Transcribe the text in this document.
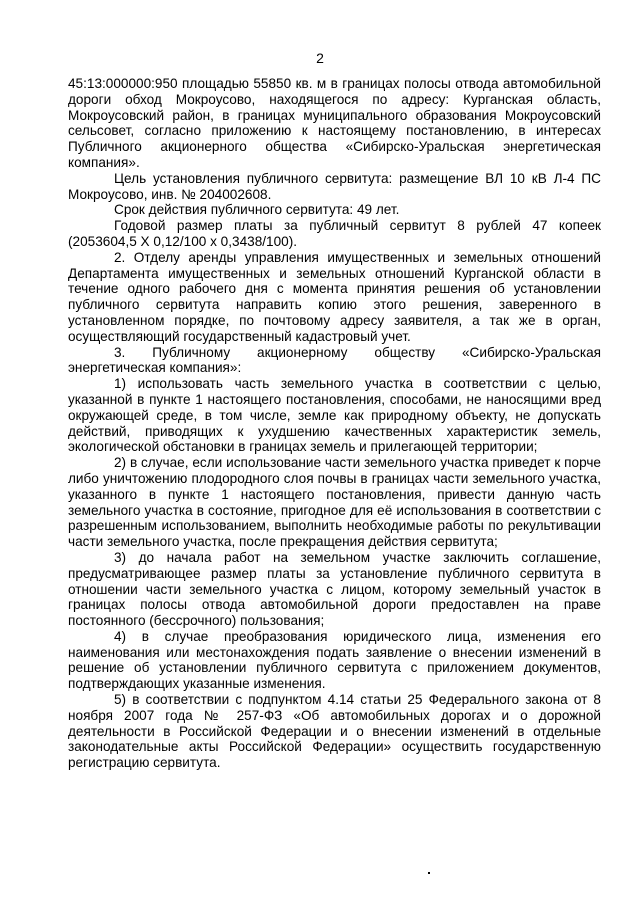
2

45:13:000000:950 площадью 55850 кв. м в границах полосы отвода автомобильной дороги обход Мокроусово, находящегося по адресу: Курганская область, Мокроусовский район, в границах муниципального образования Мокроусовский сельсовет, согласно приложению к настоящему постановлению, в интересах Публичного акционерного общества «Сибирско-Уральская энергетическая компания».

Цель установления публичного сервитута: размещение ВЛ 10 кВ Л-4 ПС Мокроусово, инв. № 204002608.

Срок действия публичного сервитута: 49 лет.

Годовой размер платы за публичный сервитут 8 рублей 47 копеек (2053604,5 Х 0,12/100 х 0,3438/100).

2. Отделу аренды управления имущественных и земельных отношений Департамента имущественных и земельных отношений Курганской области в течение одного рабочего дня с момента принятия решения об установлении публичного сервитута направить копию этого решения, заверенного в установленном порядке, по почтовому адресу заявителя, а так же в орган, осуществляющий государственный кадастровый учет.

3. Публичному акционерному обществу «Сибирско-Уральская энергетическая компания»:

1) использовать часть земельного участка в соответствии с целью, указанной в пункте 1 настоящего постановления, способами, не наносящими вред окружающей среде, в том числе, земле как природному объекту, не допускать действий, приводящих к ухудшению качественных характеристик земель, экологической обстановки в границах земель и прилегающей территории;

2) в случае, если использование части земельного участка приведет к порче либо уничтожению плодородного слоя почвы в границах части земельного участка, указанного в пункте 1 настоящего постановления, привести данную часть земельного участка в состояние, пригодное для её использования в соответствии с разрешенным использованием, выполнить необходимые работы по рекультивации части земельного участка, после прекращения действия сервитута;

3) до начала работ на земельном участке заключить соглашение, предусматривающее размер платы за установление публичного сервитута в отношении части земельного участка с лицом, которому земельный участок в границах полосы отвода автомобильной дороги предоставлен на праве постоянного (бессрочного) пользования;

4) в случае преобразования юридического лица, изменения его наименования или местонахождения подать заявление о внесении изменений в решение об установлении публичного сервитута с приложением документов, подтверждающих указанные изменения.

5) в соответствии с подпунктом 4.14 статьи 25 Федерального закона от 8 ноября 2007 года № 257-ФЗ «Об автомобильных дорогах и о дорожной деятельности в Российской Федерации и о внесении изменений в отдельные законодательные акты Российской Федерации» осуществить государственную регистрацию сервитута.
